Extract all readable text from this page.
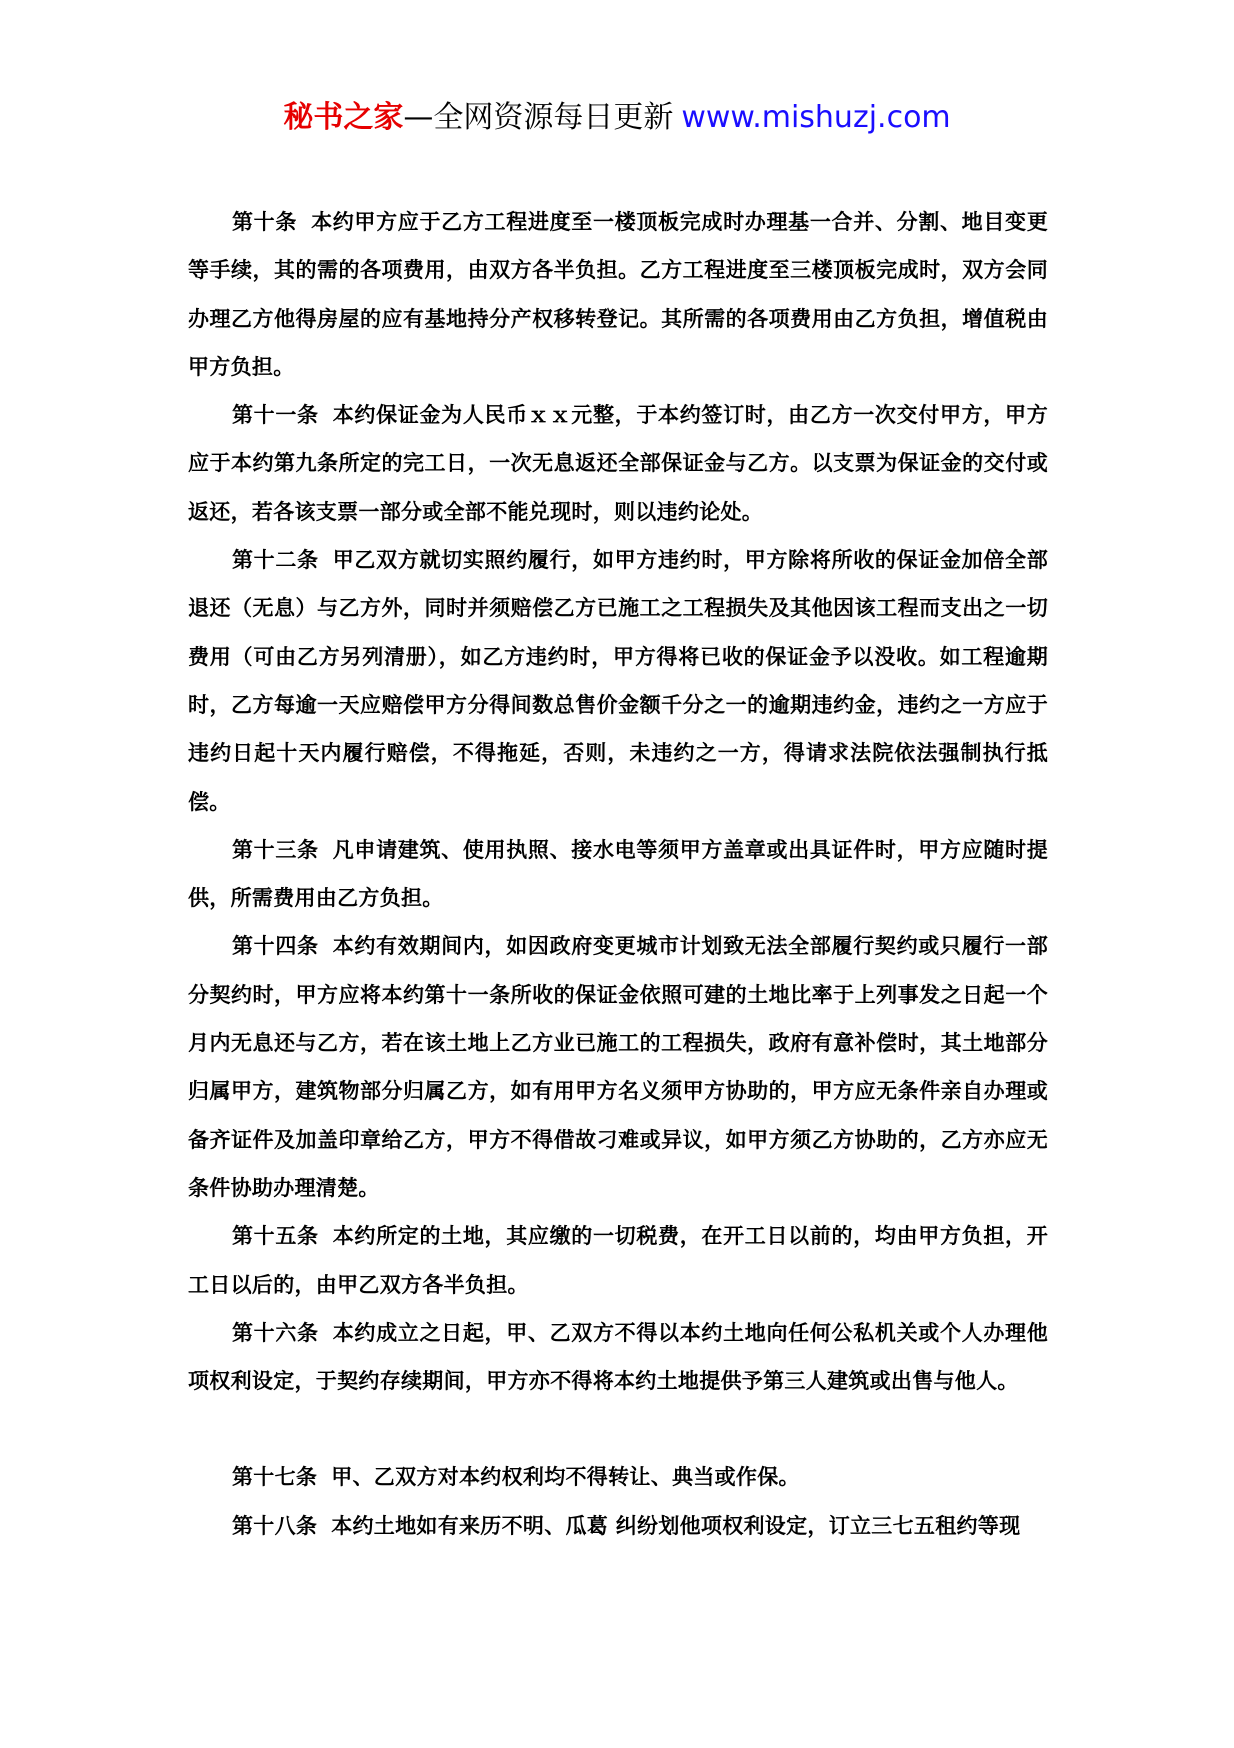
秘书之家—全网资源每日更新 www.mishuzj.com

第十条 本约甲方应于乙方工程进度至一楼顶板完成时办理基一合并、分割、地目变更等手续，其的需的各项费用，由双方各半负担。乙方工程进度至三楼顶板完成时，双方会同办理乙方他得房屋的应有基地持分产权移转登记。其所需的各项费用由乙方负担，增值税由甲方负担。

第十一条 本约保证金为人民币ｘｘ元整，于本约签订时，由乙方一次交付甲方，甲方应于本约第九条所定的完工日，一次无息返还全部保证金与乙方。以支票为保证金的交付或返还，若各该支票一部分或全部不能兑现时，则以违约论处。

第十二条 甲乙双方就切实照约履行，如甲方违约时，甲方除将所收的保证金加倍全部退还（无息）与乙方外，同时并须赔偿乙方已施工之工程损失及其他因该工程而支出之一切费用（可由乙方另列清册），如乙方违约时，甲方得将已收的保证金予以没收。如工程逾期时，乙方每逾一天应赔偿甲方分得间数总售价金额千分之一的逾期违约金，违约之一方应于违约日起十天内履行赔偿，不得拖延，否则，未违约之一方，得请求法院依法强制执行抵偿。

第十三条 凡申请建筑、使用执照、接水电等须甲方盖章或出具证件时，甲方应随时提供，所需费用由乙方负担。

第十四条 本约有效期间内，如因政府变更城市计划致无法全部履行契约或只履行一部分契约时，甲方应将本约第十一条所收的保证金依照可建的土地比率于上列事发之日起一个月内无息还与乙方，若在该土地上乙方业已施工的工程损失，政府有意补偿时，其土地部分归属甲方，建筑物部分归属乙方，如有用甲方名义须甲方协助的，甲方应无条件亲自办理或备齐证件及加盖印章给乙方，甲方不得借故刁难或异议，如甲方须乙方协助的，乙方亦应无条件协助办理清楚。

第十五条 本约所定的土地，其应缴的一切税费，在开工日以前的，均由甲方负担，开工日以后的，由甲乙双方各半负担。

第十六条 本约成立之日起，甲、乙双方不得以本约土地向任何公私机关或个人办理他项权利设定，于契约存续期间，甲方亦不得将本约土地提供予第三人建筑或出售与他人。

第十七条 甲、乙双方对本约权利均不得转让、典当或作保。

第十八条 本约土地如有来历不明、瓜葛 纠纷划他项权利设定，订立三七五租约等现
